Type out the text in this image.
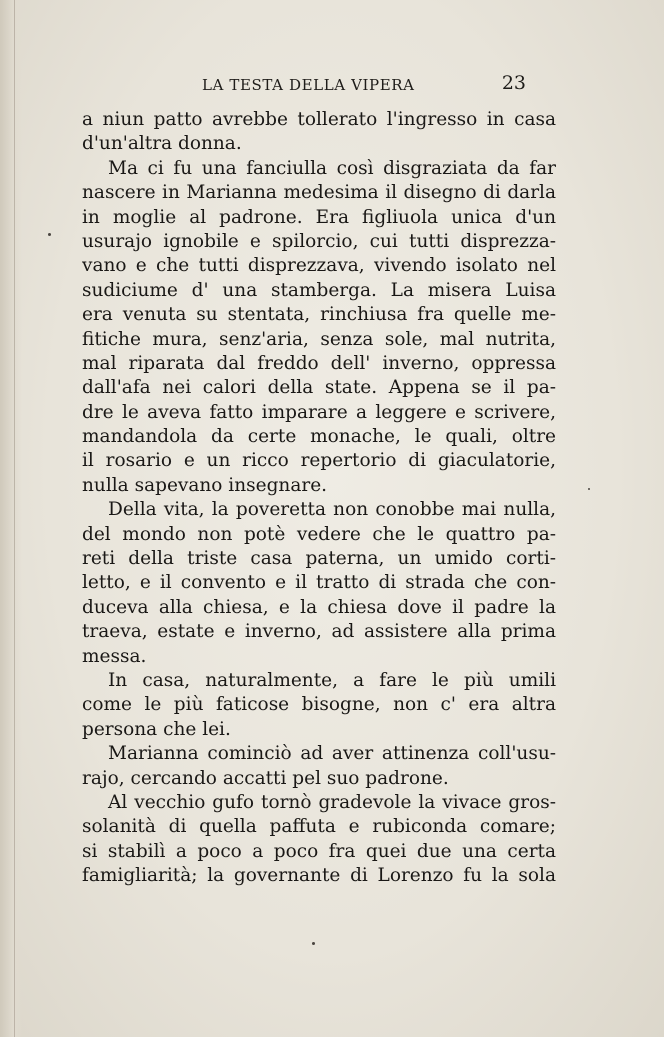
LA TESTA DELLA VIPERA	23
a niun patto avrebbe tollerato l'ingresso in casa
d'un'altra donna.
Ma ci fu una fanciulla così disgraziata da far
nascere in Marianna medesima il disegno di darla
in moglie al padrone. Era figliuola unica d'un
usurajo ignobile e spilorcio, cui tutti disprezza-
vano e che tutti disprezzava, vivendo isolato nel
sudiciume d' una stamberga. La misera Luisa
era venuta su stentata, rinchiusa fra quelle me-
fitiche mura, senz'aria, senza sole, mal nutrita,
mal riparata dal freddo dell' inverno, oppressa
dall'afa nei calori della state. Appena se il pa-
dre le aveva fatto imparare a leggere e scrivere,
mandandola da certe monache, le quali, oltre
il rosario e un ricco repertorio di giaculatorie,
nulla sapevano insegnare.
Della vita, la poveretta non conobbe mai nulla,
del mondo non potè vedere che le quattro pa-
reti della triste casa paterna, un umido corti-
letto, e il convento e il tratto di strada che con-
duceva alla chiesa, e la chiesa dove il padre la
traeva, estate e inverno, ad assistere alla prima
messa.
In casa, naturalmente, a fare le più umili
come le più faticose bisogne, non c' era altra
persona che lei.
Marianna cominciò ad aver attinenza coll'usu-
rajo, cercando accatti pel suo padrone.
Al vecchio gufo tornò gradevole la vivace gros-
solanità di quella paffuta e rubiconda comare;
si stabilì a poco a poco fra quei due una certa
famigliarità; la governante di Lorenzo fu la sola
